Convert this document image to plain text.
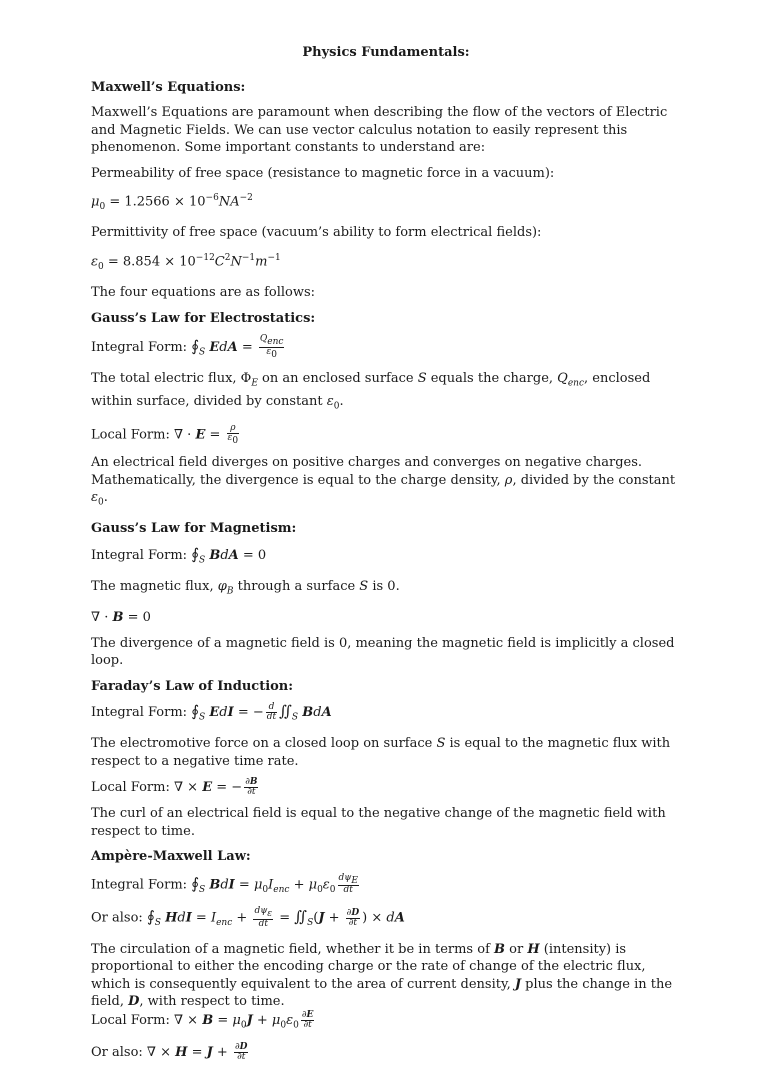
Physics Fundamentals:
Maxwell’s Equations:

Maxwell’s Equations are paramount when describing the flow of the vectors of Electric and Magnetic Fields. We can use vector calculus notation to easily represent this phenomenon. Some important constants to understand are:

Permeability of free space (resistance to magnetic force in a vacuum):

$\mu_0 = 1.2566 \times 10^{-6}NA^{-2}$

Permittivity of free space (vacuum’s ability to form electrical fields):

$\varepsilon_0 = 8.854 \times 10^{-12}C^2N^{-1}m^{-1}$

The four equations are as follows:

Gauss’s Law for Electrostatics:

Integral Form: $∮_S$ EdA = $\frac{Q_{enc}}{\varepsilon_0}$

The total electric flux, $\Phi_E$ on an enclosed surface S equals the charge, $Q_{enc}$, enclosed within surface, divided by constant $\varepsilon_0$.

Local Form: ∇ · $E = \frac{\rho}{\varepsilon_0}$

An electrical field diverges on positive charges and converges on negative charges. Mathematically, the divergence is equal to the charge density, ρ, divided by the constant $\varepsilon_0$.

Gauss’s Law for Magnetism:

Integral Form: $∮_S$ BdA = 0

The magnetic flux, $\varphi_B$ through a surface S is 0.

∇ · B = 0

The divergence of a magnetic field is 0, meaning the magnetic field is implicitly a closed loop.

Faraday’s Law of Induction:

Integral Form: $∮_S$ EdI = − $\frac{d}{dt}$ $∬_S$ BdA

The electromotive force on a closed loop on surface S is equal to the magnetic flux with respect to a negative time rate.

Local Form: ∇ × E = − $\frac{\partial B}{\partial t}$

The curl of an electrical field is equal to the negative change of the magnetic field with respect to time.

Ampère-Maxwell Law:

Integral Form: $∮_S$ BdI = $\mu_0I_{enc} + \mu_0\varepsilon_0 \frac{d\psi_E}{dt}$

Or also: $∮_S$ HdI = $I_{enc} + \frac{d\psi_\varepsilon}{dt}$ = $∬_S(J + \frac{\partial D}{\partial t}$ ) × dA

The circulation of a magnetic field, whether it be in terms of B or H (intensity) is proportional to either the encoding charge or the rate of change of the electric flux, which is consequently equivalent to the area of current density, J plus the change in the field, D, with respect to time.

Local Form: ∇ × $B = \mu_0J + \mu_0\varepsilon_0 \frac{\partial E}{\partial t}$

Or also: ∇ × $H = J + \frac{\partial D}{\partial t}$
